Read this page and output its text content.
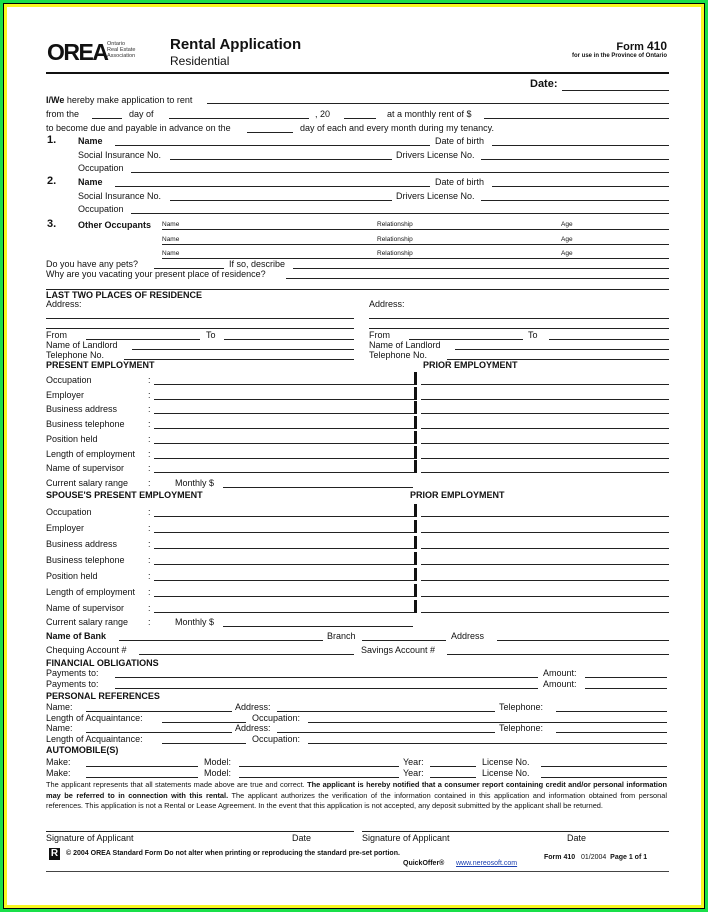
OREA Ontario
Real Estate
Association
Rental Application
Residential
Form 410
for use in the Province of Ontario
Date:
I/We hereby make application to rent
from the	day of	, 20	at a monthly rent of $
to become due and payable in advance on the	day of each and every month during my tenancy.
1. Name	Date of birth
Social Insurance No.	Drivers License No.
Occupation
2. Name	Date of birth
Social Insurance No.	Drivers License No.
Occupation
3. Other Occupants Name	Relationship	Age
Name	Relationship	Age
Name	Relationship	Age
Do you have any pets?	If so, describe
Why are you vacating your present place of residence?
LAST TWO PLACES OF RESIDENCE
Address:
From	To
Name of Landlord
Telephone No.
Address:
From	To
Name of Landlord
Telephone No.
PRESENT EMPLOYMENT	PRIOR EMPLOYMENT
Occupation	:
Employer	:
Business address	:
Business telephone	:
Position held	:
Length of employment :
Name of supervisor	:
Current salary range :	Monthly $
SPOUSE'S PRESENT EMPLOYMENT	PRIOR EMPLOYMENT
Occupation	:
Employer	:
Business address	:
Business telephone	:
Position held	:
Length of employment :
Name of supervisor	:
Current salary range :	Monthly $
Name of Bank	Branch	Address
Chequing Account #	Savings Account #
FINANCIAL OBLIGATIONS
Payments to:	Amount:
Payments to:	Amount:
PERSONAL REFERENCES
Name:	Address:	Telephone:
Length of Acquaintance:	Occupation:
Name:	Address:	Telephone:
Length of Acquaintance:	Occupation:
AUTOMOBILE(S)
Make:	Model:	Year:	License No.
Make:	Model:	Year:	License No.
The applicant represents that all statements made above are true and correct. The applicant is hereby notified that a consumer report containing credit and/or personal information may be referred to in connection with this rental. The applicant authorizes the verification of the information contained in this application and information obtained from personal references. This application is not a Rental or Lease Agreement. In the event that this application is not accepted, any deposit submitted by the applicant shall be returned.
Signature of Applicant	Date	Signature of Applicant	Date
R © 2004 OREA Standard Form Do not alter when printing or reproducing the standard pre-set portion.
QuickOffer® www.nereosoft.com
Form 410 01/2004 Page 1 of 1
